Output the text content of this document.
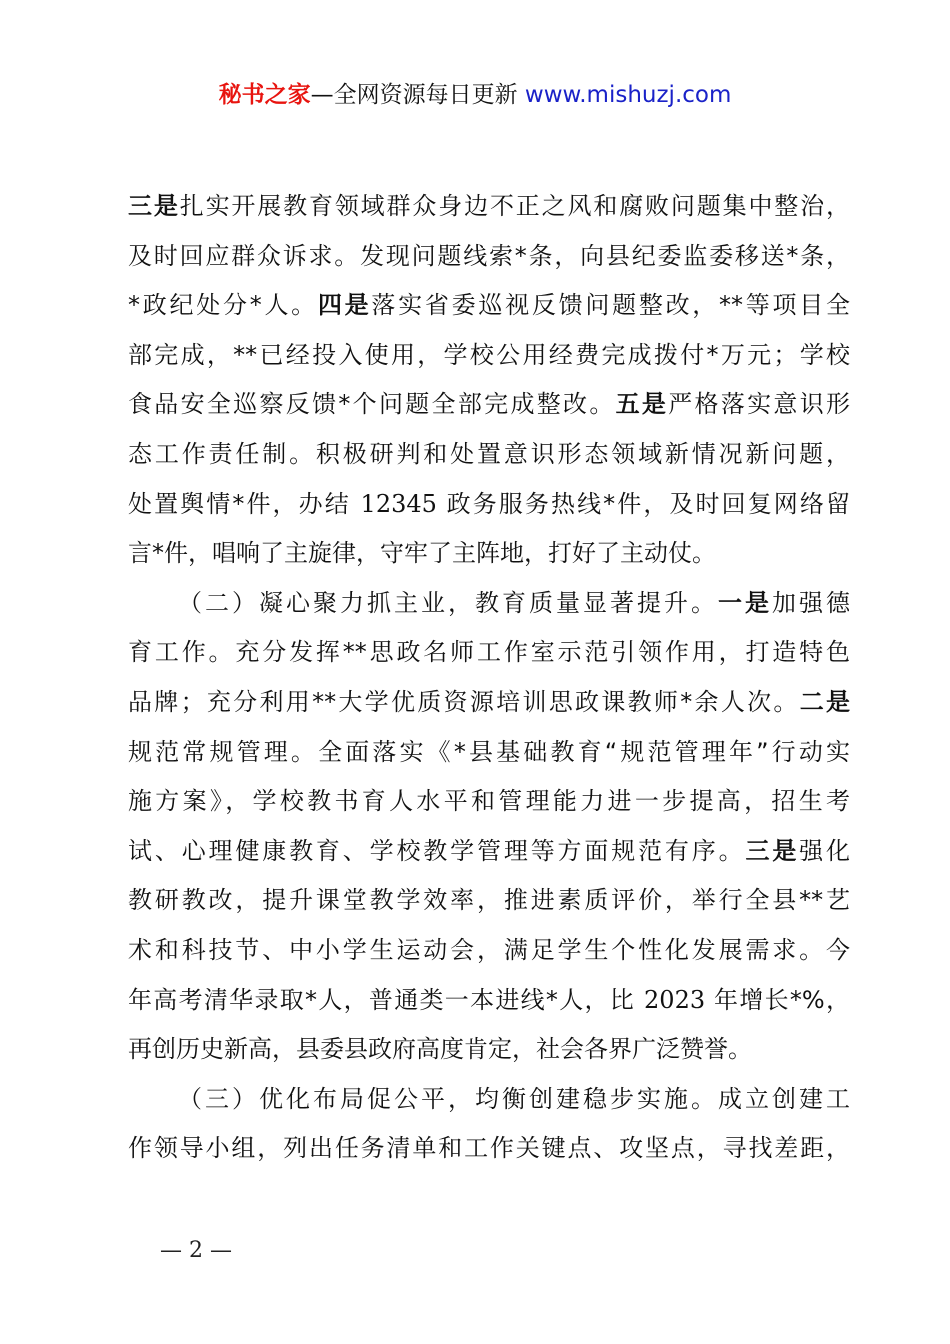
秘书之家—全网资源每日更新 www.mishuzj.com
三是扎实开展教育领域群众身边不正之风和腐败问题集中整治，
及时回应群众诉求。发现问题线索*条，向县纪委监委移送*条，
*政纪处分*人。四是落实省委巡视反馈问题整改，**等项目全
部完成，**已经投入使用，学校公用经费完成拨付*万元；学校
食品安全巡察反馈*个问题全部完成整改。五是严格落实意识形
态工作责任制。积极研判和处置意识形态领域新情况新问题，
处置舆情*件，办结 12345 政务服务热线*件，及时回复网络留
言*件，唱响了主旋律，守牢了主阵地，打好了主动仗。
（二）凝心聚力抓主业，教育质量显著提升。一是加强德
育工作。充分发挥**思政名师工作室示范引领作用，打造特色
品牌；充分利用**大学优质资源培训思政课教师*余人次。二是
规范常规管理。全面落实《*县基础教育“规范管理年”行动实
施方案》，学校教书育人水平和管理能力进一步提高，招生考
试、心理健康教育、学校教学管理等方面规范有序。三是强化
教研教改，提升课堂教学效率，推进素质评价，举行全县**艺
术和科技节、中小学生运动会，满足学生个性化发展需求。今
年高考清华录取*人，普通类一本进线*人，比 2023 年增长*%，
再创历史新高，县委县政府高度肯定，社会各界广泛赞誉。
（三）优化布局促公平，均衡创建稳步实施。成立创建工
作领导小组，列出任务清单和工作关键点、攻坚点，寻找差距，
— 2 —
